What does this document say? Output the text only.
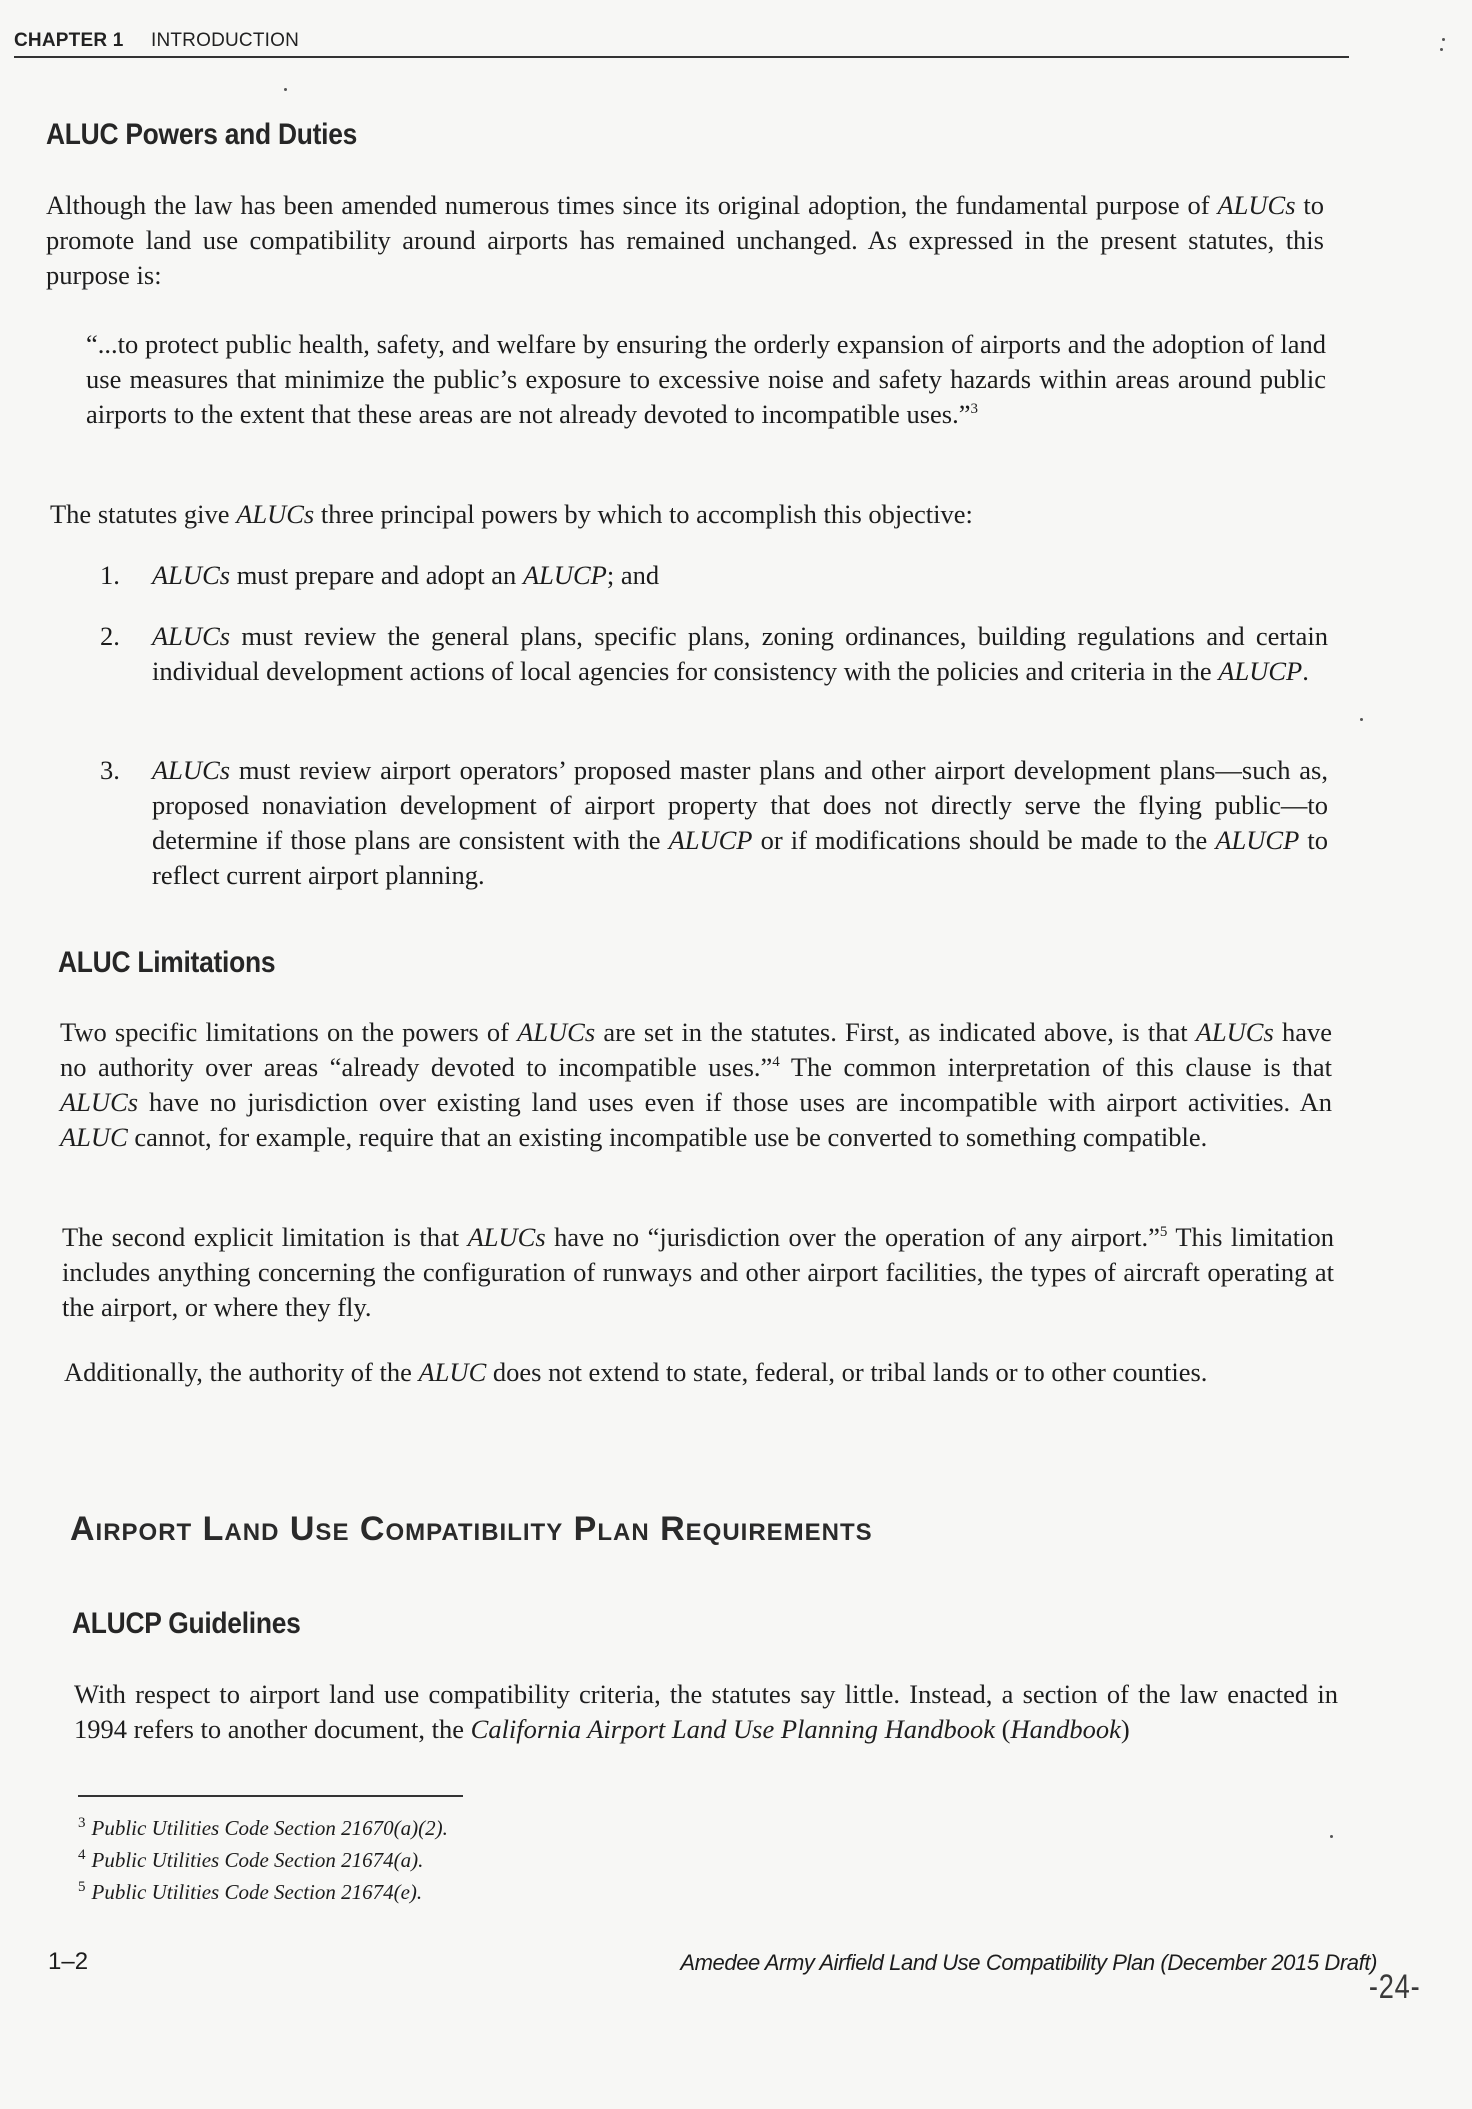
CHAPTER 1 INTRODUCTION
ALUC Powers and Duties

Although the law has been amended numerous times since its original adoption, the fundamental purpose of ALUCs to promote land use compatibility around airports has remained unchanged. As expressed in the present statutes, this purpose is:

“...to protect public health, safety, and welfare by ensuring the orderly expansion of airports and the adoption of land use measures that minimize the public’s exposure to excessive noise and safety hazards within areas around public airports to the extent that these areas are not already devoted to incompatible uses.”$^3$

The statutes give ALUCs three principal powers by which to accomplish this objective:

1. ALUCs must prepare and adopt an ALUCP; and
2. ALUCs must review the general plans, specific plans, zoning ordinances, building regulations and certain individual development actions of local agencies for consistency with the policies and criteria in the ALUCP.
3. ALUCs must review airport operators’ proposed master plans and other airport development plans—such as, proposed nonaviation development of airport property that does not directly serve the flying public—to determine if those plans are consistent with the ALUCP or if modifications should be made to the ALUCP to reflect current airport planning.
ALUC Limitations

Two specific limitations on the powers of ALUCs are set in the statutes. First, as indicated above, is that ALUCs have no authority over areas “already devoted to incompatible uses.”$^4$ The common interpretation of this clause is that ALUCs have no jurisdiction over existing land uses even if those uses are incompatible with airport activities. An ALUC cannot, for example, require that an existing incompatible use be converted to something compatible.

The second explicit limitation is that ALUCs have no “jurisdiction over the operation of any airport.”$^5$ This limitation includes anything concerning the configuration of runways and other airport facilities, the types of aircraft operating at the airport, or where they fly.

Additionally, the authority of the ALUC does not extend to state, federal, or tribal lands or to other counties.

Airport Land Use Compatibility Plan Requirements
ALUCP Guidelines

With respect to airport land use compatibility criteria, the statutes say little. Instead, a section of the law enacted in 1994 refers to another document, the California Airport Land Use Planning Handbook (Handbook)

$^3$ Public Utilities Code Section 21670(a)(2).
$^4$ Public Utilities Code Section 21674(a).
$^5$ Public Utilities Code Section 21674(e).
1–2	Amedee Army Airfield Land Use Compatibility Plan (December 2015 Draft)
-24-
